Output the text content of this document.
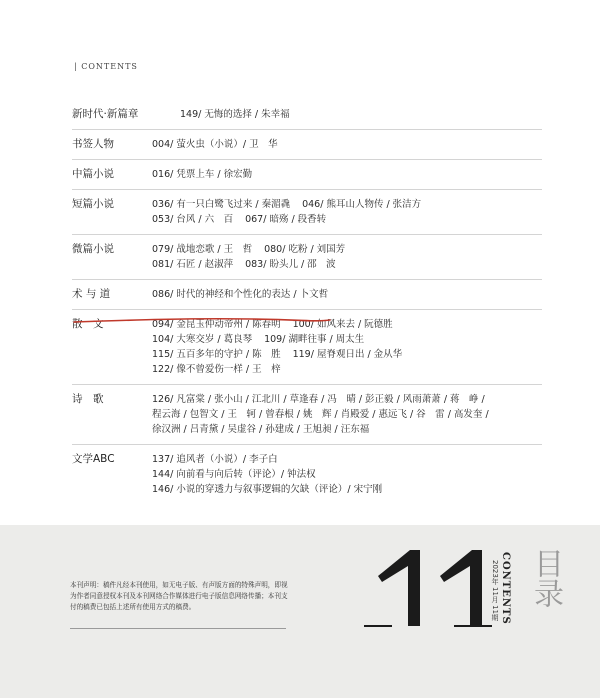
| CONTENTS
新时代·新篇章	149/ 无悔的选择 / 朱幸福
书签人物	004/ 萤火虫（小说）/ 卫　华
中篇小说	016/ 凭票上车 / 徐宏勤
短篇小说	036/ 有一只白鹭飞过来 / 秦湄毳 046/ 熊耳山人物传 / 张洁方
053/ 台风 / 六　百 067/ 暗殇 / 段香转
微篇小说	079/ 战地恋歌 / 王　哲 080/ 吃粉 / 刘国芳
081/ 石匠 / 赵淑萍 083/ 盼头儿 / 邵　波
术 与 道	086/ 时代的神经和个性化的表达 / 卜文哲
散　文	094/ 金昆玉仲动帝州 / 陈春明 100/ 如风来去 / 阮德胜
104/ 大寒交岁 / 葛良琴 109/ 湖畔往事 / 周太生
115/ 五百多年的守护 / 陈　胜 119/ 屋脊观日出 / 金从华
122/ 像不曾爱伤一样 / 王　梓
诗　歌	126/ 凡富棠 / 张小山 / 江北川 / 草逢春 / 冯　晴 / 彭正毅 / 风雨萧萧 / 蒋　峥 /
程云海 / 包智文 / 王　轲 / 曾春根 / 姚　辉 / 肖殿爱 / 惠远飞 / 谷　雷 / 高发奎 /
徐汉洲 / 吕青黛 / 吴虚谷 / 孙建成 / 王旭昶 / 汪东福
文学ABC	137/ 追风者（小说）/ 李子白
144/ 向前看与向后转（评论）/ 钟法权
146/ 小说的穿透力与叙事逻辑的欠缺（评论）/ 宋宁刚
2023年 11月 11期 CONTENTS 目录
本刊声明：稿件凡经本刊使用，如无电子版、有声版方面的特殊声明，即视为作者同意授权本刊及本刊网络合作媒体进行电子版信息网络传播；本刊支付的稿费已包括上述所有使用方式的稿费。
